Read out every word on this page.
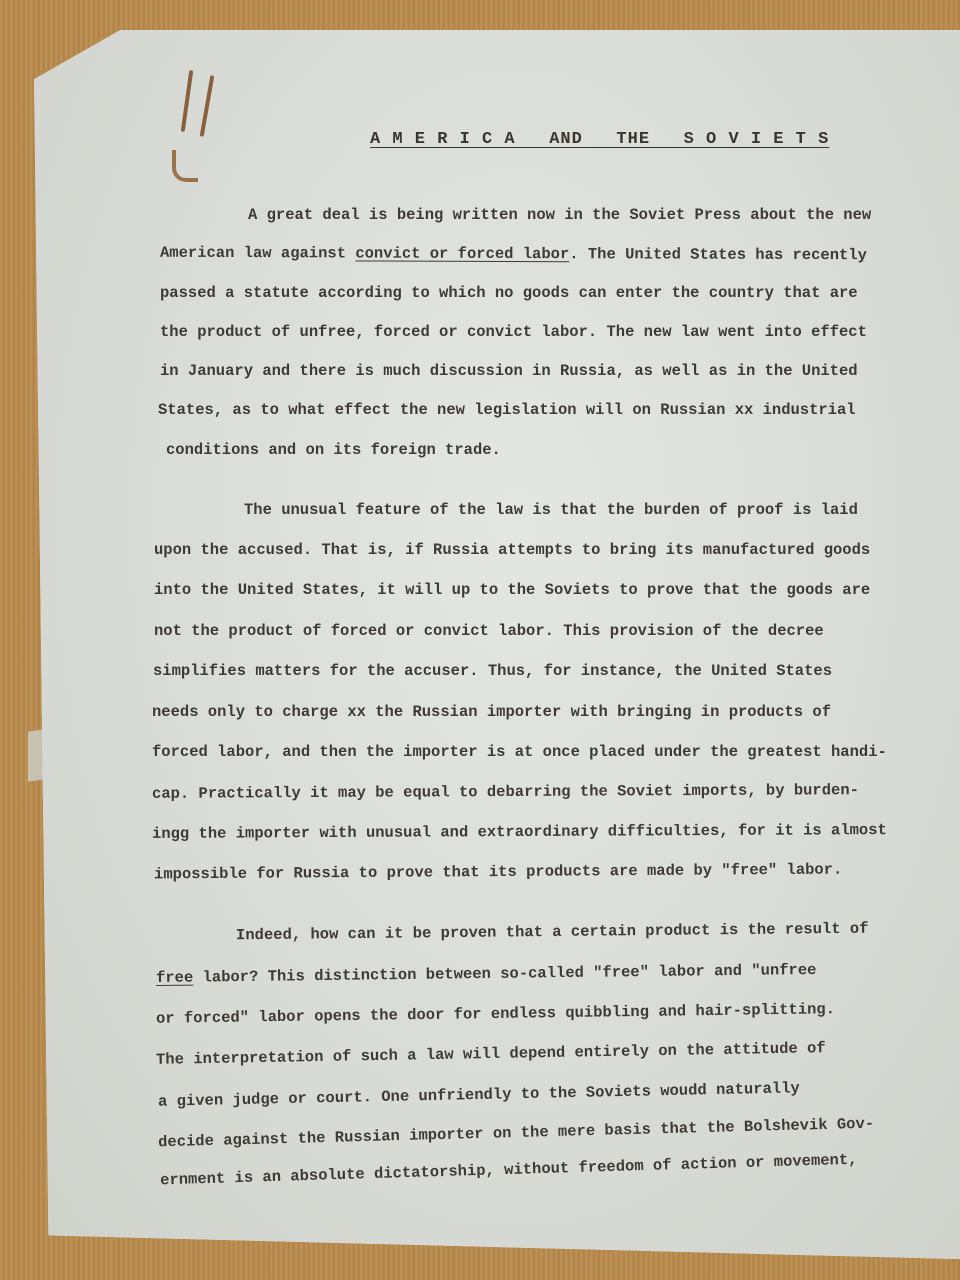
A M E R I C A   AND   THE   S O V I E T S
A great deal is being written now in the Soviet Press about the new
American law against convict or forced labor. The United States has recently
passed a statute according to which no goods can enter the country that are
the product of unfree, forced or convict labor. The new law went into effect
in January and there is much discussion in Russia, as well as in the United
States, as to what effect the new legislation will on Russian xx industrial
conditions and on its foreign trade.
The unusual feature of the law is that the burden of proof is laid
upon the accused. That is, if Russia attempts to bring its manufactured goods
into the United States, it will up to the Soviets to prove that the goods are
not the product of forced or convict labor. This provision of the decree
simplifies matters for the accuser. Thus, for instance, the United States
needs only to charge xx the Russian importer with bringing in products of
forced labor, and then the importer is at once placed under the greatest handi-
cap. Practically it may be equal to debarring the Soviet imports, by burden-
ingg the importer with unusual and extraordinary difficulties, for it is almost
impossible for Russia to prove that its products are made by "free" labor.
Indeed, how can it be proven that a certain product is the result of
free labor? This distinction between so-called "free" labor and "unfree
or forced" labor opens the door for endless quibbling and hair-splitting.
The interpretation of such a law will depend entirely on the attitude of
a given judge or court. One unfriendly to the Soviets woudd naturally
decide against the Russian importer on the mere basis that the Bolshevik Gov-
ernment is an absolute dictatorship, without freedom of action or movement,
